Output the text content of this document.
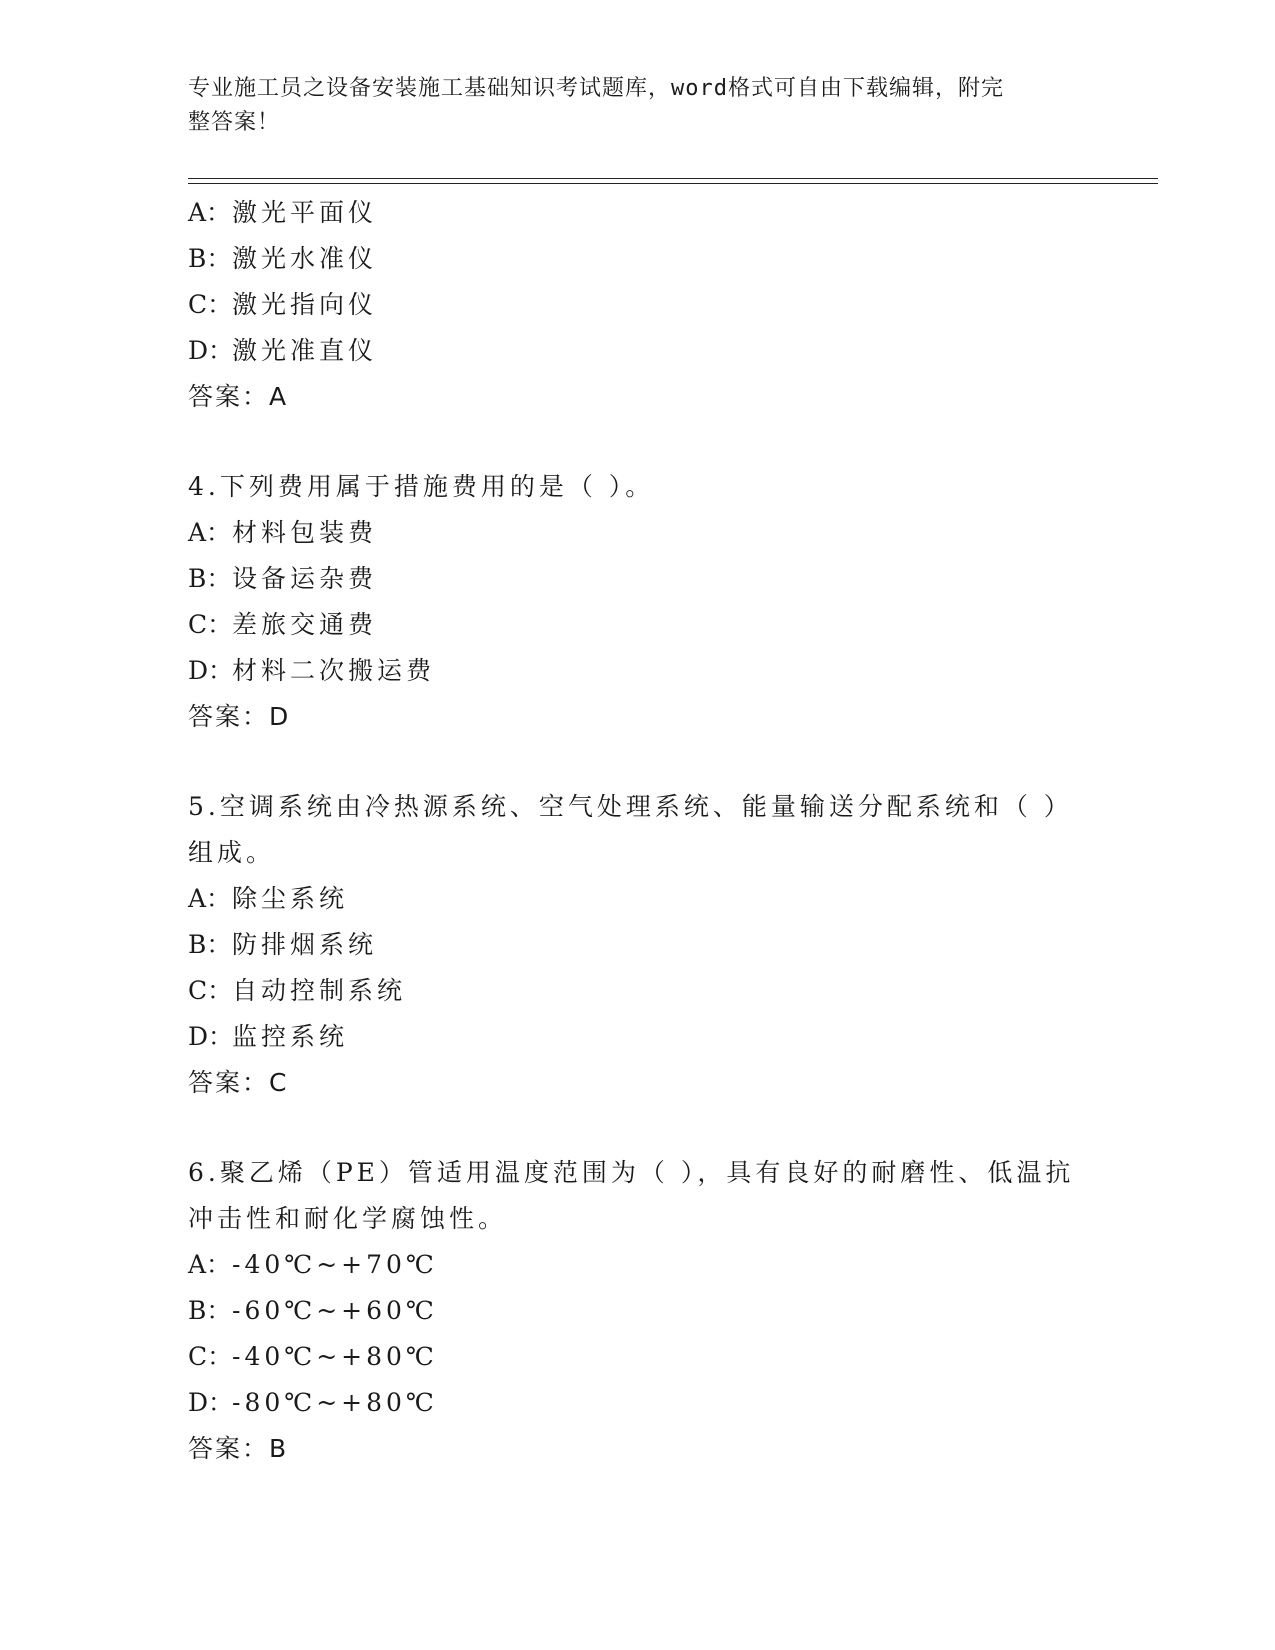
专业施工员之设备安装施工基础知识考试题库，word格式可自由下载编辑，附完
整答案！
A：激光平面仪
B：激光水准仪
C：激光指向仪
D：激光准直仪
答案：A
4.下列费用属于措施费用的是（ ）。
A：材料包装费
B：设备运杂费
C：差旅交通费
D：材料二次搬运费
答案：D
5.空调系统由冷热源系统、空气处理系统、能量输送分配系统和（ ）组成。
A：除尘系统
B：防排烟系统
C：自动控制系统
D：监控系统
答案：C
6.聚乙烯（PE）管适用温度范围为（ ），具有良好的耐磨性、低温抗冲击性和耐化学腐蚀性。
A：-40℃~+70℃
B：-60℃~+60℃
C：-40℃~+80℃
D：-80℃~+80℃
答案：B
